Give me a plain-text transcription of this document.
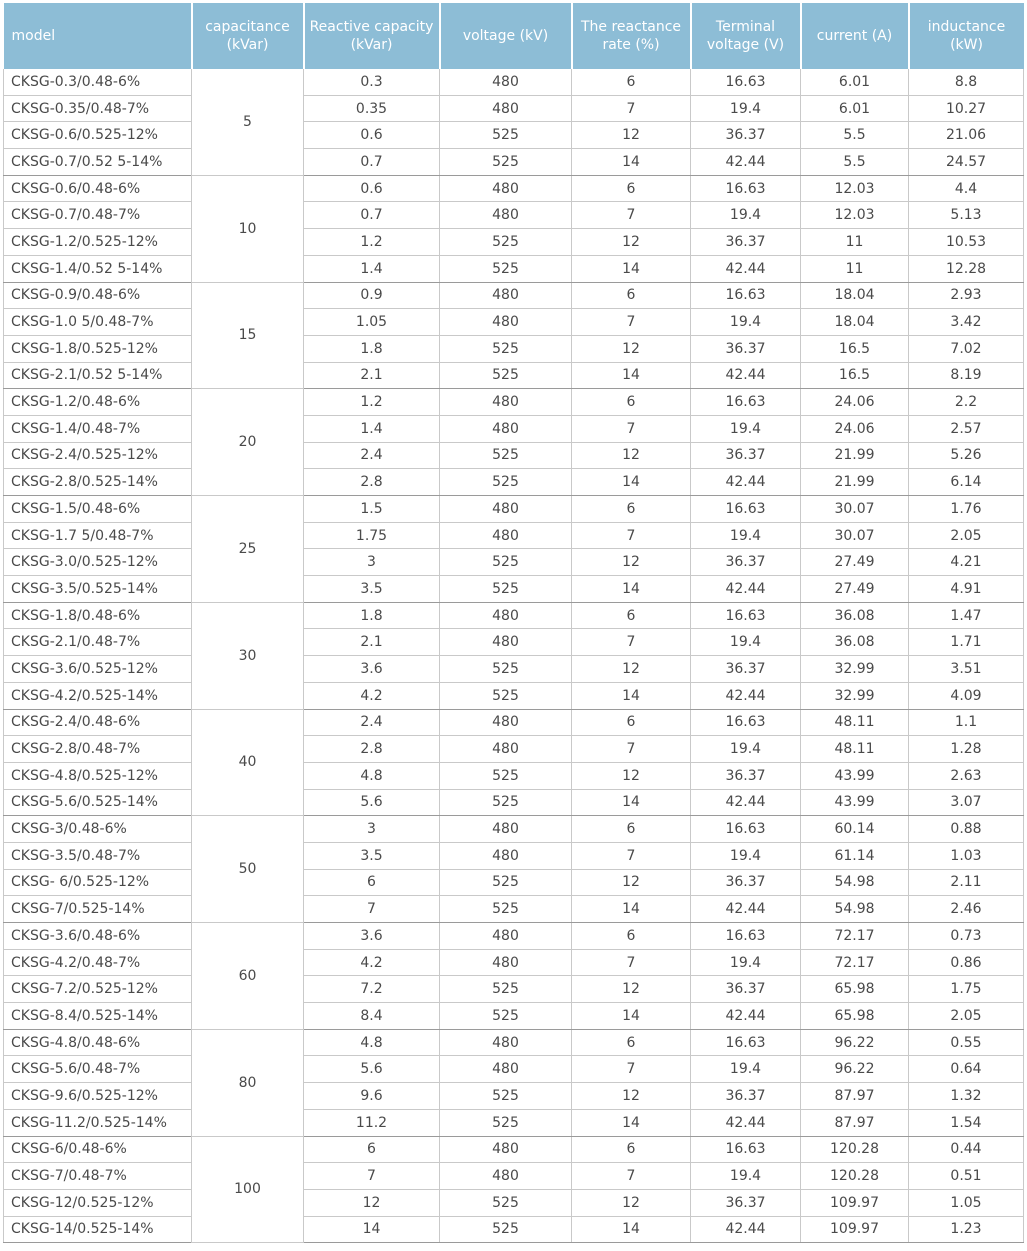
model	capacitance (kVar)	Reactive capacity (kVar)	voltage (kV)	The reactance rate (%)	Terminal voltage (V)	current (A)	inductance (kW)
CKSG-0.3/0.48-6%	5	0.3	480	6	16.63	6.01	8.8
CKSG-0.35/0.48-7%		0.35	480	7	19.4	6.01	10.27
CKSG-0.6/0.525-12%		0.6	525	12	36.37	5.5	21.06
CKSG-0.7/0.52 5-14%		0.7	525	14	42.44	5.5	24.57
CKSG-0.6/0.48-6%	10	0.6	480	6	16.63	12.03	4.4
CKSG-0.7/0.48-7%		0.7	480	7	19.4	12.03	5.13
CKSG-1.2/0.525-12%		1.2	525	12	36.37	11	10.53
CKSG-1.4/0.52 5-14%		1.4	525	14	42.44	11	12.28
CKSG-0.9/0.48-6%	15	0.9	480	6	16.63	18.04	2.93
CKSG-1.0 5/0.48-7%		1.05	480	7	19.4	18.04	3.42
CKSG-1.8/0.525-12%		1.8	525	12	36.37	16.5	7.02
CKSG-2.1/0.52 5-14%		2.1	525	14	42.44	16.5	8.19
CKSG-1.2/0.48-6%	20	1.2	480	6	16.63	24.06	2.2
CKSG-1.4/0.48-7%		1.4	480	7	19.4	24.06	2.57
CKSG-2.4/0.525-12%		2.4	525	12	36.37	21.99	5.26
CKSG-2.8/0.525-14%		2.8	525	14	42.44	21.99	6.14
CKSG-1.5/0.48-6%	25	1.5	480	6	16.63	30.07	1.76
CKSG-1.7 5/0.48-7%		1.75	480	7	19.4	30.07	2.05
CKSG-3.0/0.525-12%		3	525	12	36.37	27.49	4.21
CKSG-3.5/0.525-14%		3.5	525	14	42.44	27.49	4.91
CKSG-1.8/0.48-6%	30	1.8	480	6	16.63	36.08	1.47
CKSG-2.1/0.48-7%		2.1	480	7	19.4	36.08	1.71
CKSG-3.6/0.525-12%		3.6	525	12	36.37	32.99	3.51
CKSG-4.2/0.525-14%		4.2	525	14	42.44	32.99	4.09
CKSG-2.4/0.48-6%	40	2.4	480	6	16.63	48.11	1.1
CKSG-2.8/0.48-7%		2.8	480	7	19.4	48.11	1.28
CKSG-4.8/0.525-12%		4.8	525	12	36.37	43.99	2.63
CKSG-5.6/0.525-14%		5.6	525	14	42.44	43.99	3.07
CKSG-3/0.48-6%	50	3	480	6	16.63	60.14	0.88
CKSG-3.5/0.48-7%		3.5	480	7	19.4	61.14	1.03
CKSG- 6/0.525-12%		6	525	12	36.37	54.98	2.11
CKSG-7/0.525-14%		7	525	14	42.44	54.98	2.46
CKSG-3.6/0.48-6%	60	3.6	480	6	16.63	72.17	0.73
CKSG-4.2/0.48-7%		4.2	480	7	19.4	72.17	0.86
CKSG-7.2/0.525-12%		7.2	525	12	36.37	65.98	1.75
CKSG-8.4/0.525-14%		8.4	525	14	42.44	65.98	2.05
CKSG-4.8/0.48-6%	80	4.8	480	6	16.63	96.22	0.55
CKSG-5.6/0.48-7%		5.6	480	7	19.4	96.22	0.64
CKSG-9.6/0.525-12%		9.6	525	12	36.37	87.97	1.32
CKSG-11.2/0.525-14%		11.2	525	14	42.44	87.97	1.54
CKSG-6/0.48-6%	100	6	480	6	16.63	120.28	0.44
CKSG-7/0.48-7%		7	480	7	19.4	120.28	0.51
CKSG-12/0.525-12%		12	525	12	36.37	109.97	1.05
CKSG-14/0.525-14%		14	525	14	42.44	109.97	1.23
